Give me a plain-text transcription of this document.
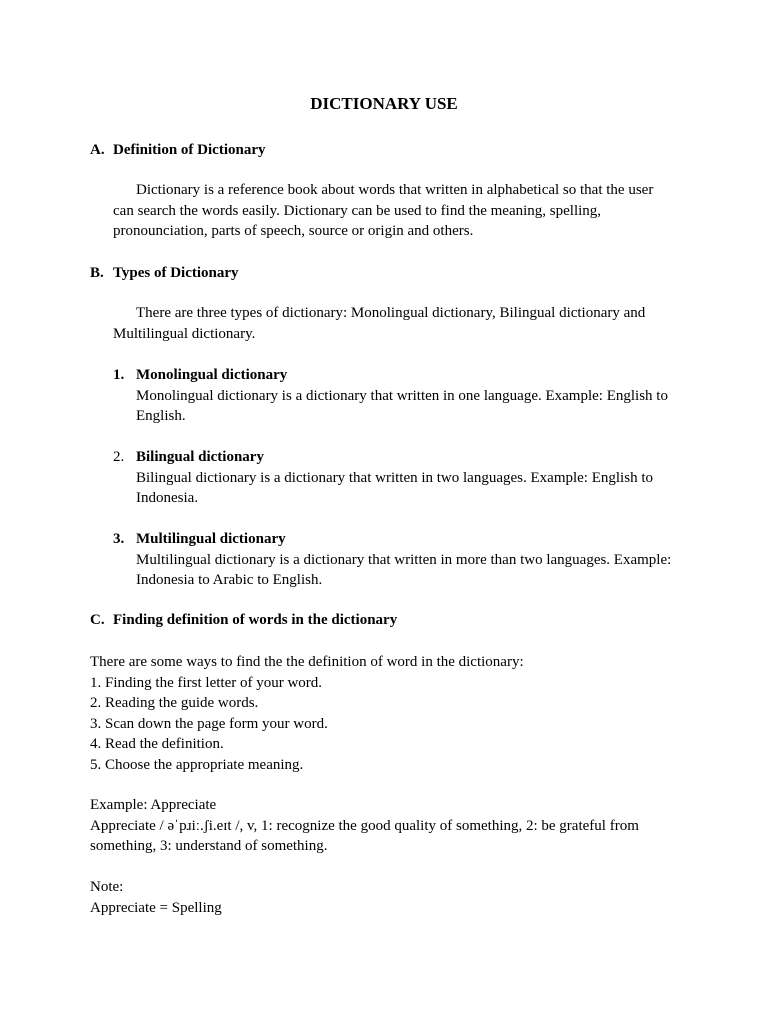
DICTIONARY USE
A. Definition of Dictionary
Dictionary is a reference book about words that written in alphabetical so that the user can search the words easily. Dictionary can be used to find the meaning, spelling, pronounciation, parts of speech, source or origin and others.
B. Types of Dictionary
There are three types of dictionary: Monolingual dictionary, Bilingual dictionary and Multilingual dictionary.
1. Monolingual dictionary
Monolingual dictionary is a dictionary that written in one language. Example: English to English.
2. Bilingual dictionary
Bilingual dictionary is a dictionary that written in two languages. Example: English to Indonesia.
3. Multilingual dictionary
Multilingual dictionary is a dictionary that written in more than two languages. Example: Indonesia to Arabic to English.
C. Finding definition of words in the dictionary
There are some ways to find the the definition of word in the dictionary:
1. Finding the first letter of your word.
2. Reading the guide words.
3. Scan down the page form your word.
4. Read the definition.
5. Choose the appropriate meaning.
Example: Appreciate
Appreciate / əˈpɹiː.ʃi.eɪt /, v, 1: recognize the good quality of something, 2: be grateful from
something, 3: understand of something.
Note:
Appreciate = Spelling
